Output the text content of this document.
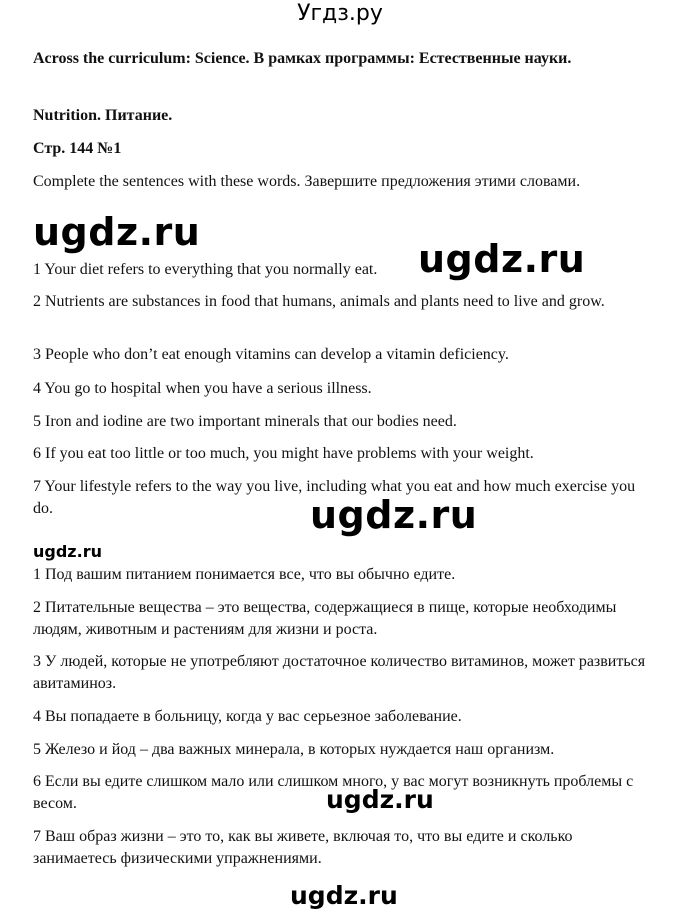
Угдз.ру

Across the curriculum: Science. В рамках программы: Естественные науки.

Nutrition. Питание.

Стр. 144 №1

Complete the sentences with these words. Завершите предложения этими словами.

1 Your diet refers to everything that you normally eat.

2 Nutrients are substances in food that humans, animals and plants need to live and grow.

3 People who don’t eat enough vitamins can develop a vitamin deficiency.

4 You go to hospital when you have a serious illness.

5 Iron and iodine are two important minerals that our bodies need.

6 If you eat too little or too much, you might have problems with your weight.

7 Your lifestyle refers to the way you live, including what you eat and how much exercise you do.

1 Под вашим питанием понимается все, что вы обычно едите.

2 Питательные вещества – это вещества, содержащиеся в пище, которые необходимы людям, животным и растениям для жизни и роста.

3 У людей, которые не употребляют достаточное количество витаминов, может развиться авитаминоз.

4 Вы попадаете в больницу, когда у вас серьезное заболевание.

5 Железо и йод – два важных минерала, в которых нуждается наш организм.

6 Если вы едите слишком мало или слишком много, у вас могут возникнуть проблемы с весом.

7 Ваш образ жизни – это то, как вы живете, включая то, что вы едите и сколько занимаетесь физическими упражнениями.

ugdz.ru
ugdz.ru
ugdz.ru
ugdz.ru
ugdz.ru
ugdz.ru
